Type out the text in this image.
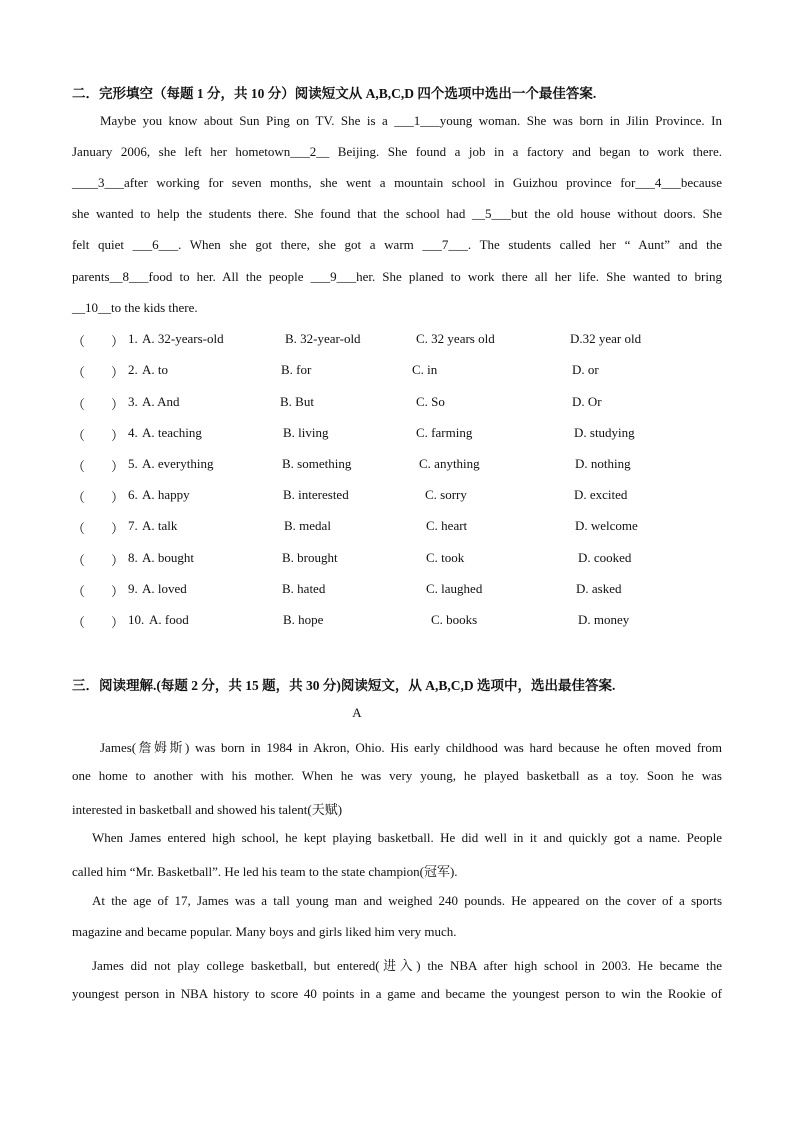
二．完形填空（每题 1 分，共 10 分）阅读短文从 A,B,C,D 四个选项中选出一个最佳答案.
Maybe you know about Sun Ping on TV. She is a ___1___young woman. She was born in Jilin Province. In
January 2006, she left her hometown___2__ Beijing. She found a job in a factory and began to work there.
____3___after working for seven months, she went a mountain school in Guizhou province for___4___because
she wanted to help the students there. She found that the school had __5___but the old house without doors. She
felt quiet ___6___. When she got there, she got a warm ___7___. The students called her “ Aunt” and the
parents__8___food to her. All the people ___9___her. She planed to work there all her life. She wanted to bring
__10__to the kids there.
（　　） 1. A. 32-years-old	B. 32-year-old	C. 32 years old	D.32 year old
（　　） 2. A. to	B. for	C. in	D. or
（　　） 3. A. And	B. But	C. So	D. Or
（　　） 4. A. teaching	B. living	C. farming	D. studying
（　　） 5. A. everything	B. something	C. anything	D. nothing
（　　） 6. A. happy	B. interested	C. sorry	D. excited
（　　） 7. A. talk	B. medal	C. heart	D. welcome
（　　） 8. A. bought	B. brought	C. took	D. cooked
（　　） 9. A. loved	B. hated	C. laughed	D. asked
（　　） 10. A. food	B. hope	C. books	D. money
三．阅读理解.(每题 2 分，共 15 题，共 30 分)阅读短文，从 A,B,C,D 选项中，选出最佳答案.
A
James(詹姆斯) was born in 1984 in Akron, Ohio. His early childhood was hard because he often moved from
one home to another with his mother. When he was very young, he played basketball as a toy. Soon he was
interested in basketball and showed his talent(天赋)
When James entered high school, he kept playing basketball. He did well in it and quickly got a name. People
called him “Mr. Basketball”. He led his team to the state champion(冠军).
At the age of 17, James was a tall young man and weighed 240 pounds. He appeared on the cover of a sports
magazine and became popular. Many boys and girls liked him very much.
James did not play college basketball, but entered(进入) the NBA after high school in 2003. He became the
youngest person in NBA history to score 40 points in a game and became the youngest person to win the Rookie of
